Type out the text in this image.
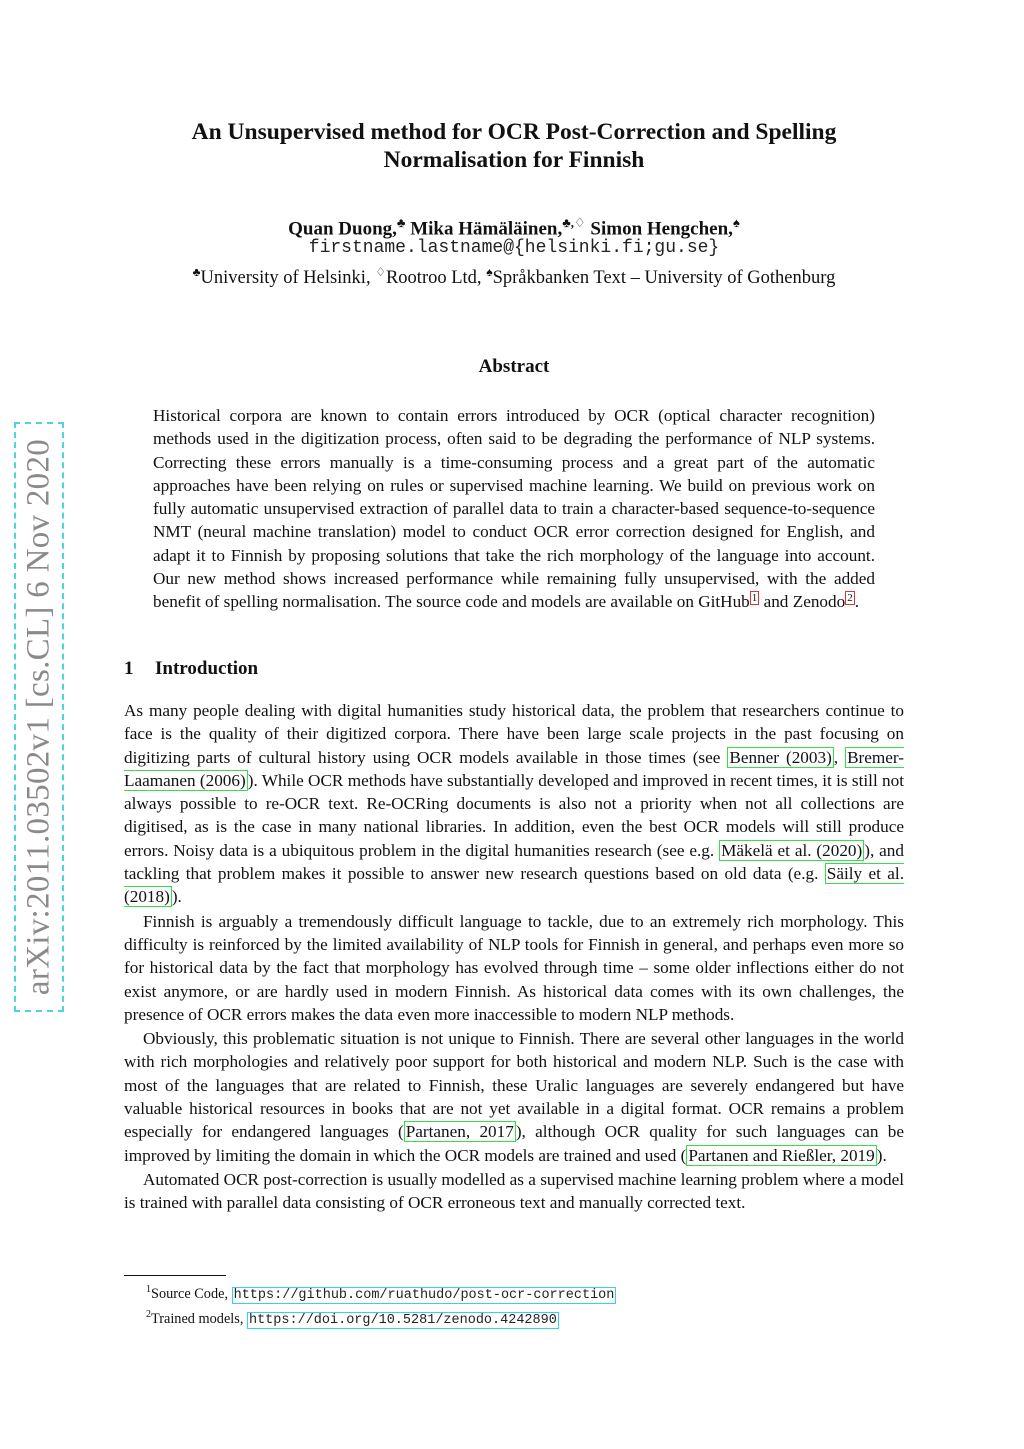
arXiv:2011.03502v1 [cs.CL] 6 Nov 2020
An Unsupervised method for OCR Post-Correction and Spelling Normalisation for Finnish
Quan Duong,♣ Mika Hämäläinen,♣,♢ Simon Hengchen,♠
firstname.lastname@{helsinki.fi;gu.se}
♣University of Helsinki, ♢Rootroo Ltd, ♠Språkbanken Text – University of Gothenburg
Abstract
Historical corpora are known to contain errors introduced by OCR (optical character recognition) methods used in the digitization process, often said to be degrading the performance of NLP systems. Correcting these errors manually is a time-consuming process and a great part of the automatic approaches have been relying on rules or supervised machine learning. We build on previous work on fully automatic unsupervised extraction of parallel data to train a character-based sequence-to-sequence NMT (neural machine translation) model to conduct OCR error correction designed for English, and adapt it to Finnish by proposing solutions that take the rich morphology of the language into account. Our new method shows increased performance while remaining fully unsupervised, with the added benefit of spelling normalisation. The source code and models are available on GitHub $^1$ and Zenodo $^2$ .
1 Introduction

As many people dealing with digital humanities study historical data, the problem that researchers continue to face is the quality of their digitized corpora. There have been large scale projects in the past focusing on digitizing parts of cultural history using OCR models available in those times (see Benner (2003) , Bremer-Laamanen (2006) ). While OCR methods have substantially developed and improved in recent times, it is still not always possible to re-OCR text. Re-OCRing documents is also not a priority when not all collections are digitised, as is the case in many national libraries. In addition, even the best OCR models will still produce errors. Noisy data is a ubiquitous problem in the digital humanities research (see e.g. Mäkelä et al. (2020) ), and tackling that problem makes it possible to answer new research questions based on old data (e.g. Säily et al. (2018) ).

Finnish is arguably a tremendously difficult language to tackle, due to an extremely rich morphology. This difficulty is reinforced by the limited availability of NLP tools for Finnish in general, and perhaps even more so for historical data by the fact that morphology has evolved through time – some older inflections either do not exist anymore, or are hardly used in modern Finnish. As historical data comes with its own challenges, the presence of OCR errors makes the data even more inaccessible to modern NLP methods.

Obviously, this problematic situation is not unique to Finnish. There are several other languages in the world with rich morphologies and relatively poor support for both historical and modern NLP. Such is the case with most of the languages that are related to Finnish, these Uralic languages are severely endangered but have valuable historical resources in books that are not yet available in a digital format. OCR remains a problem especially for endangered languages ( Partanen, 2017 ), although OCR quality for such languages can be improved by limiting the domain in which the OCR models are trained and used ( Partanen and Rießler, 2019 ).

Automated OCR post-correction is usually modelled as a supervised machine learning problem where a model is trained with parallel data consisting of OCR erroneous text and manually corrected text.

$^1$Source Code, https://github.com/ruathudo/post-ocr-correction
$^2$Trained models, https://doi.org/10.5281/zenodo.4242890
